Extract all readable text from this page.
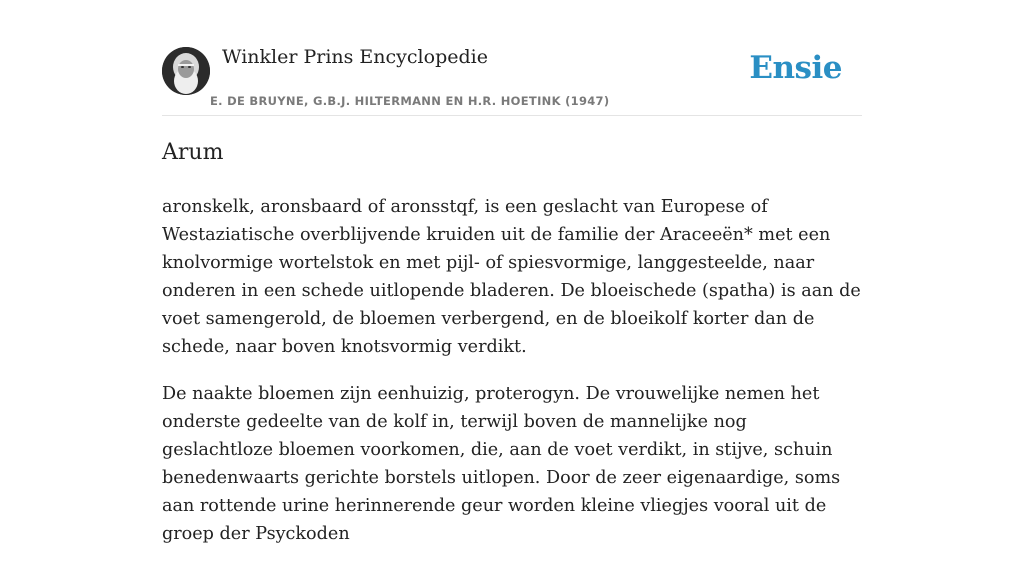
Winkler Prins Encyclopedie
E. DE BRUYNE, G.B.J. HILTERMANN EN H.R. HOETINK (1947)
Ensie
Arum

aronskelk, aronsbaard of aronsstqf, is een geslacht van Europese of Westaziatische overblijvende kruiden uit de familie der Araceeën* met een knolvormige wortelstok en met pijl- of spiesvormige, langgesteelde, naar onderen in een schede uitlopende bladeren. De bloeischede (spatha) is aan de voet samengerold, de bloemen verbergend, en de bloeikolf korter dan de schede, naar boven knotsvormig verdikt.

De naakte bloemen zijn eenhuizig, proterogyn. De vrouwelijke nemen het onderste gedeelte van de kolf in, terwijl boven de mannelijke nog geslachtloze bloemen voorkomen, die, aan de voet verdikt, in stijve, schuin benedenwaarts gerichte borstels uitlopen. Door de zeer eigenaardige, soms aan rottende urine herinnerende geur worden kleine vliegjes vooral uit de groep der Psyckoden
